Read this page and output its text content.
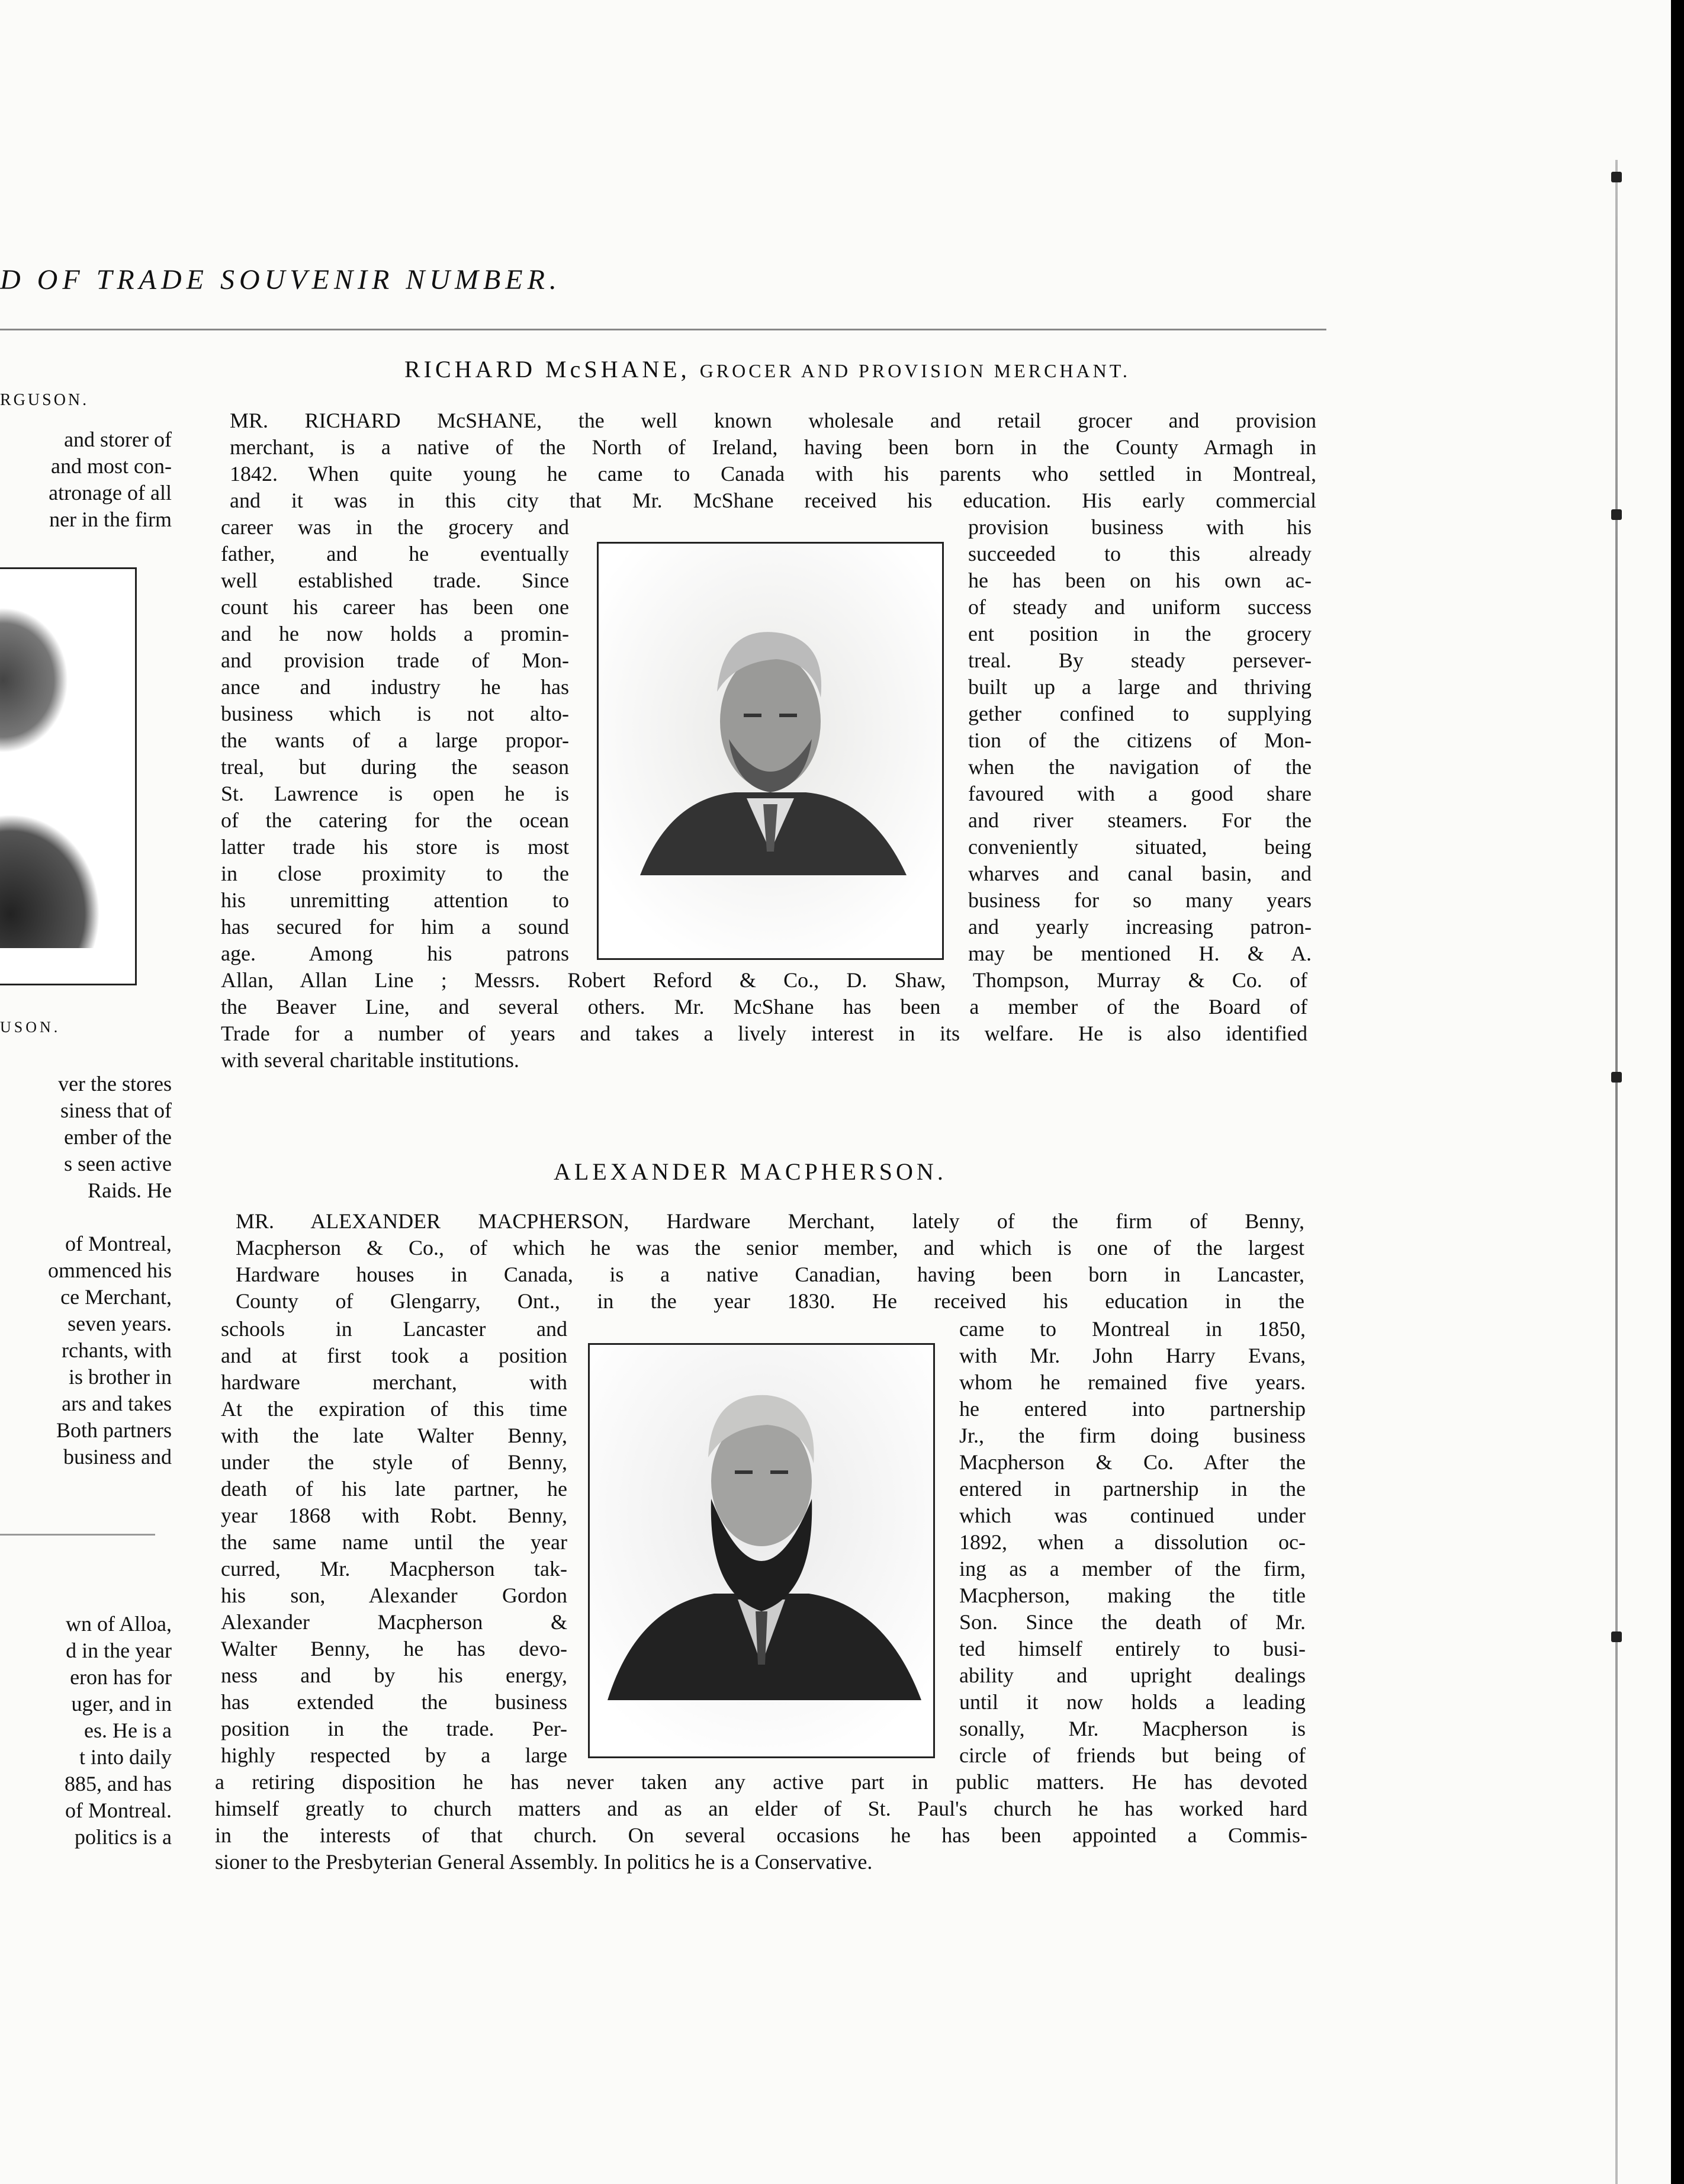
D OF TRADE SOUVENIR NUMBER.
RGUSON.
and storer of
and most con-
atronage of all
ner in the firm
USON.
ver the stores
siness that of
ember of the
s seen active
Raids. He
of Montreal,
ommenced his
ce Merchant,
seven years.
rchants, with
is brother in
ars and takes
Both partners
business and
wn of Alloa,
d in the year
eron has for
uger, and in
es. He is a
t into daily
885, and has
of Montreal.
politics is a
RICHARD McSHANE, GROCER AND PROVISION MERCHANT.
MR. RICHARD McSHANE, the well known wholesale and retail grocer and provision
merchant, is a native of the North of Ireland, having been born in the County Armagh in
1842. When quite young he came to Canada with his parents who settled in Montreal,
and it was in this city that Mr. McShane received his education. His early commercial
career was in the grocery and
father, and he eventually
well established trade. Since
count his career has been one
and he now holds a promin-
and provision trade of Mon-
ance and industry he has
business which is not alto-
the wants of a large propor-
treal, but during the season
St. Lawrence is open he is
of the catering for the ocean
latter trade his store is most
in close proximity to the
his unremitting attention to
has secured for him a sound
age. Among his patrons
provision business with his
succeeded to this already
he has been on his own ac-
of steady and uniform success
ent position in the grocery
treal. By steady persever-
built up a large and thriving
gether confined to supplying
tion of the citizens of Mon-
when the navigation of the
favoured with a good share
and river steamers. For the
conveniently situated, being
wharves and canal basin, and
business for so many years
and yearly increasing patron-
may be mentioned H. & A.
Allan, Allan Line ; Messrs. Robert Reford & Co., D. Shaw, Thompson, Murray & Co. of
the Beaver Line, and several others. Mr. McShane has been a member of the Board of
Trade for a number of years and takes a lively interest in its welfare. He is also identified
with several charitable institutions.
ALEXANDER MACPHERSON.
MR. ALEXANDER MACPHERSON, Hardware Merchant, lately of the firm of Benny,
Macpherson & Co., of which he was the senior member, and which is one of the largest
Hardware houses in Canada, is a native Canadian, having been born in Lancaster,
County of Glengarry, Ont., in the year 1830. He received his education in the
schools in Lancaster and
and at first took a position
hardware merchant, with
At the expiration of this time
with the late Walter Benny,
under the style of Benny,
death of his late partner, he
year 1868 with Robt. Benny,
the same name until the year
curred, Mr. Macpherson tak-
his son, Alexander Gordon
Alexander Macpherson &
Walter Benny, he has devo-
ness and by his energy,
has extended the business
position in the trade. Per-
highly respected by a large
came to Montreal in 1850,
with Mr. John Harry Evans,
whom he remained five years.
he entered into partnership
Jr., the firm doing business
Macpherson & Co. After the
entered in partnership in the
which was continued under
1892, when a dissolution oc-
ing as a member of the firm,
Macpherson, making the title
Son. Since the death of Mr.
ted himself entirely to busi-
ability and upright dealings
until it now holds a leading
sonally, Mr. Macpherson is
circle of friends but being of
a retiring disposition he has never taken any active part in public matters. He has devoted
himself greatly to church matters and as an elder of St. Paul's church he has worked hard
in the interests of that church. On several occasions he has been appointed a Commis-
sioner to the Presbyterian General Assembly. In politics he is a Conservative.
